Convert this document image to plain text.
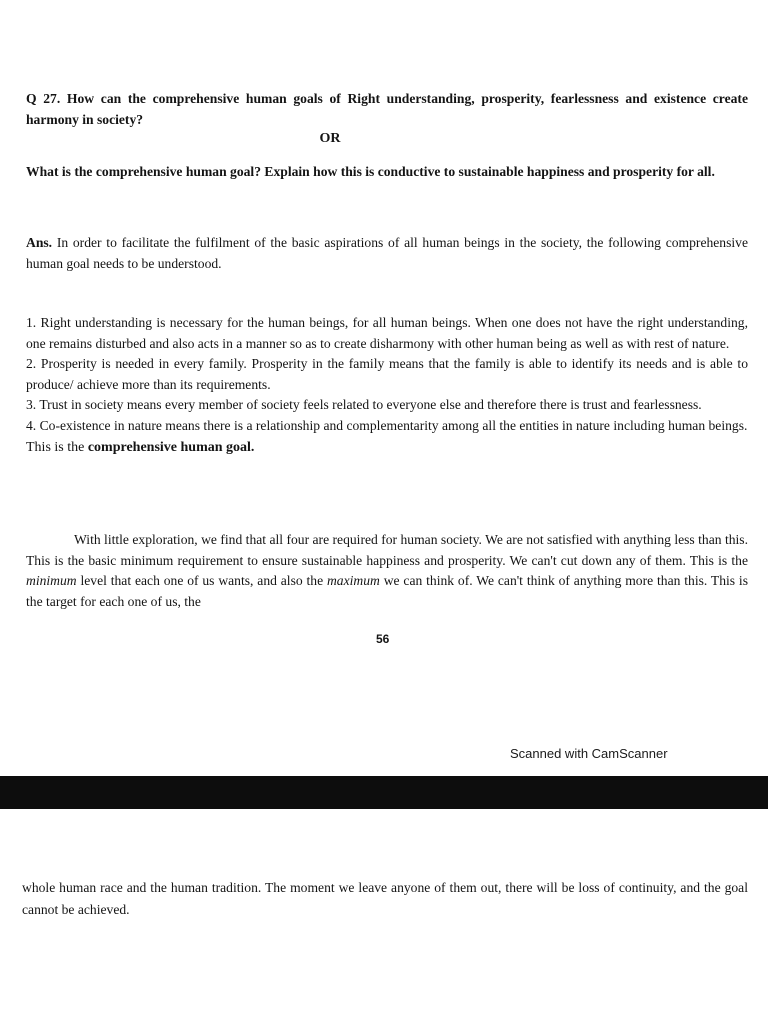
Q 27. How can the comprehensive human goals of Right understanding, prosperity, fearlessness and existence create harmony in society?
OR
What is the comprehensive human goal? Explain how this is conductive to sustainable happiness and prosperity for all.
Ans. In order to facilitate the fulfilment of the basic aspirations of all human beings in the society, the following comprehensive human goal needs to be understood.

1. Right understanding is necessary for the human beings, for all human beings. When one does not have the right understanding, one remains disturbed and also acts in a manner so as to create disharmony with other human being as well as with rest of nature.

2. Prosperity is needed in every family. Prosperity in the family means that the family is able to identify its needs and is able to produce/ achieve more than its requirements.

3. Trust in society means every member of society feels related to everyone else and therefore there is trust and fearlessness.

4. Co-existence in nature means there is a relationship and complementarity among all the entities in nature including human beings.

This is the comprehensive human goal.

With little exploration, we find that all four are required for human society. We are not satisfied with anything less than this. This is the basic minimum requirement to ensure sustainable happiness and prosperity. We can't cut down any of them. This is the minimum level that each one of us wants, and also the maximum we can think of. We can't think of anything more than this. This is the target for each one of us, the

56
Scanned with CamScanner
whole human race and the human tradition. The moment we leave anyone of them out, there will be loss of continuity, and the goal cannot be achieved.
